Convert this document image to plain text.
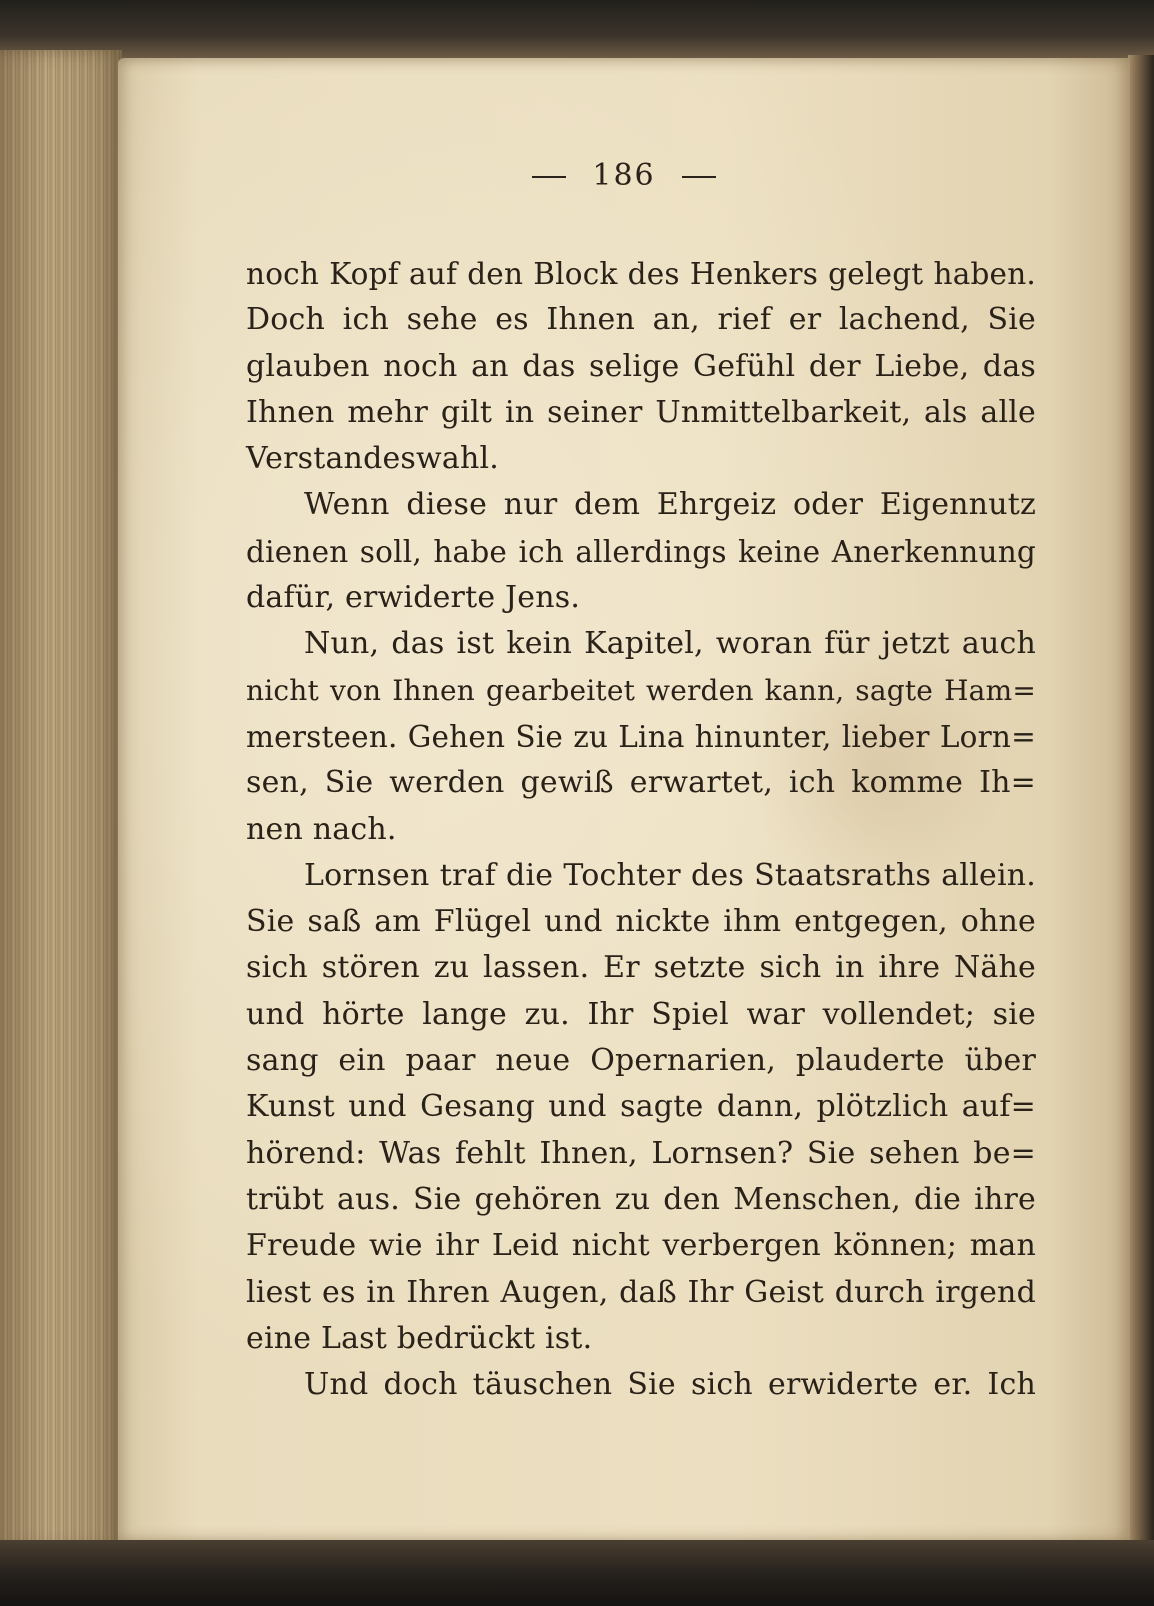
186
noch Kopf auf den Block des Henkers gelegt haben.
Doch ich sehe es Ihnen an, rief er lachend, Sie
glauben noch an das selige Gefühl der Liebe, das
Ihnen mehr gilt in seiner Unmittelbarkeit, als alle
Verstandeswahl.
Wenn diese nur dem Ehrgeiz oder Eigennutz
dienen soll, habe ich allerdings keine Anerkennung
dafür, erwiderte Jens.
Nun, das ist kein Kapitel, woran für jetzt auch
nicht von Ihnen gearbeitet werden kann, sagte Ham=
mersteen. Gehen Sie zu Lina hinunter, lieber Lorn=
sen, Sie werden gewiß erwartet, ich komme Ih=
nen nach.
Lornsen traf die Tochter des Staatsraths allein.
Sie saß am Flügel und nickte ihm entgegen, ohne
sich stören zu lassen. Er setzte sich in ihre Nähe
und hörte lange zu. Ihr Spiel war vollendet; sie
sang ein paar neue Opernarien, plauderte über
Kunst und Gesang und sagte dann, plötzlich auf=
hörend: Was fehlt Ihnen, Lornsen? Sie sehen be=
trübt aus. Sie gehören zu den Menschen, die ihre
Freude wie ihr Leid nicht verbergen können; man
liest es in Ihren Augen, daß Ihr Geist durch irgend
eine Last bedrückt ist.
Und doch täuschen Sie sich erwiderte er. Ich
